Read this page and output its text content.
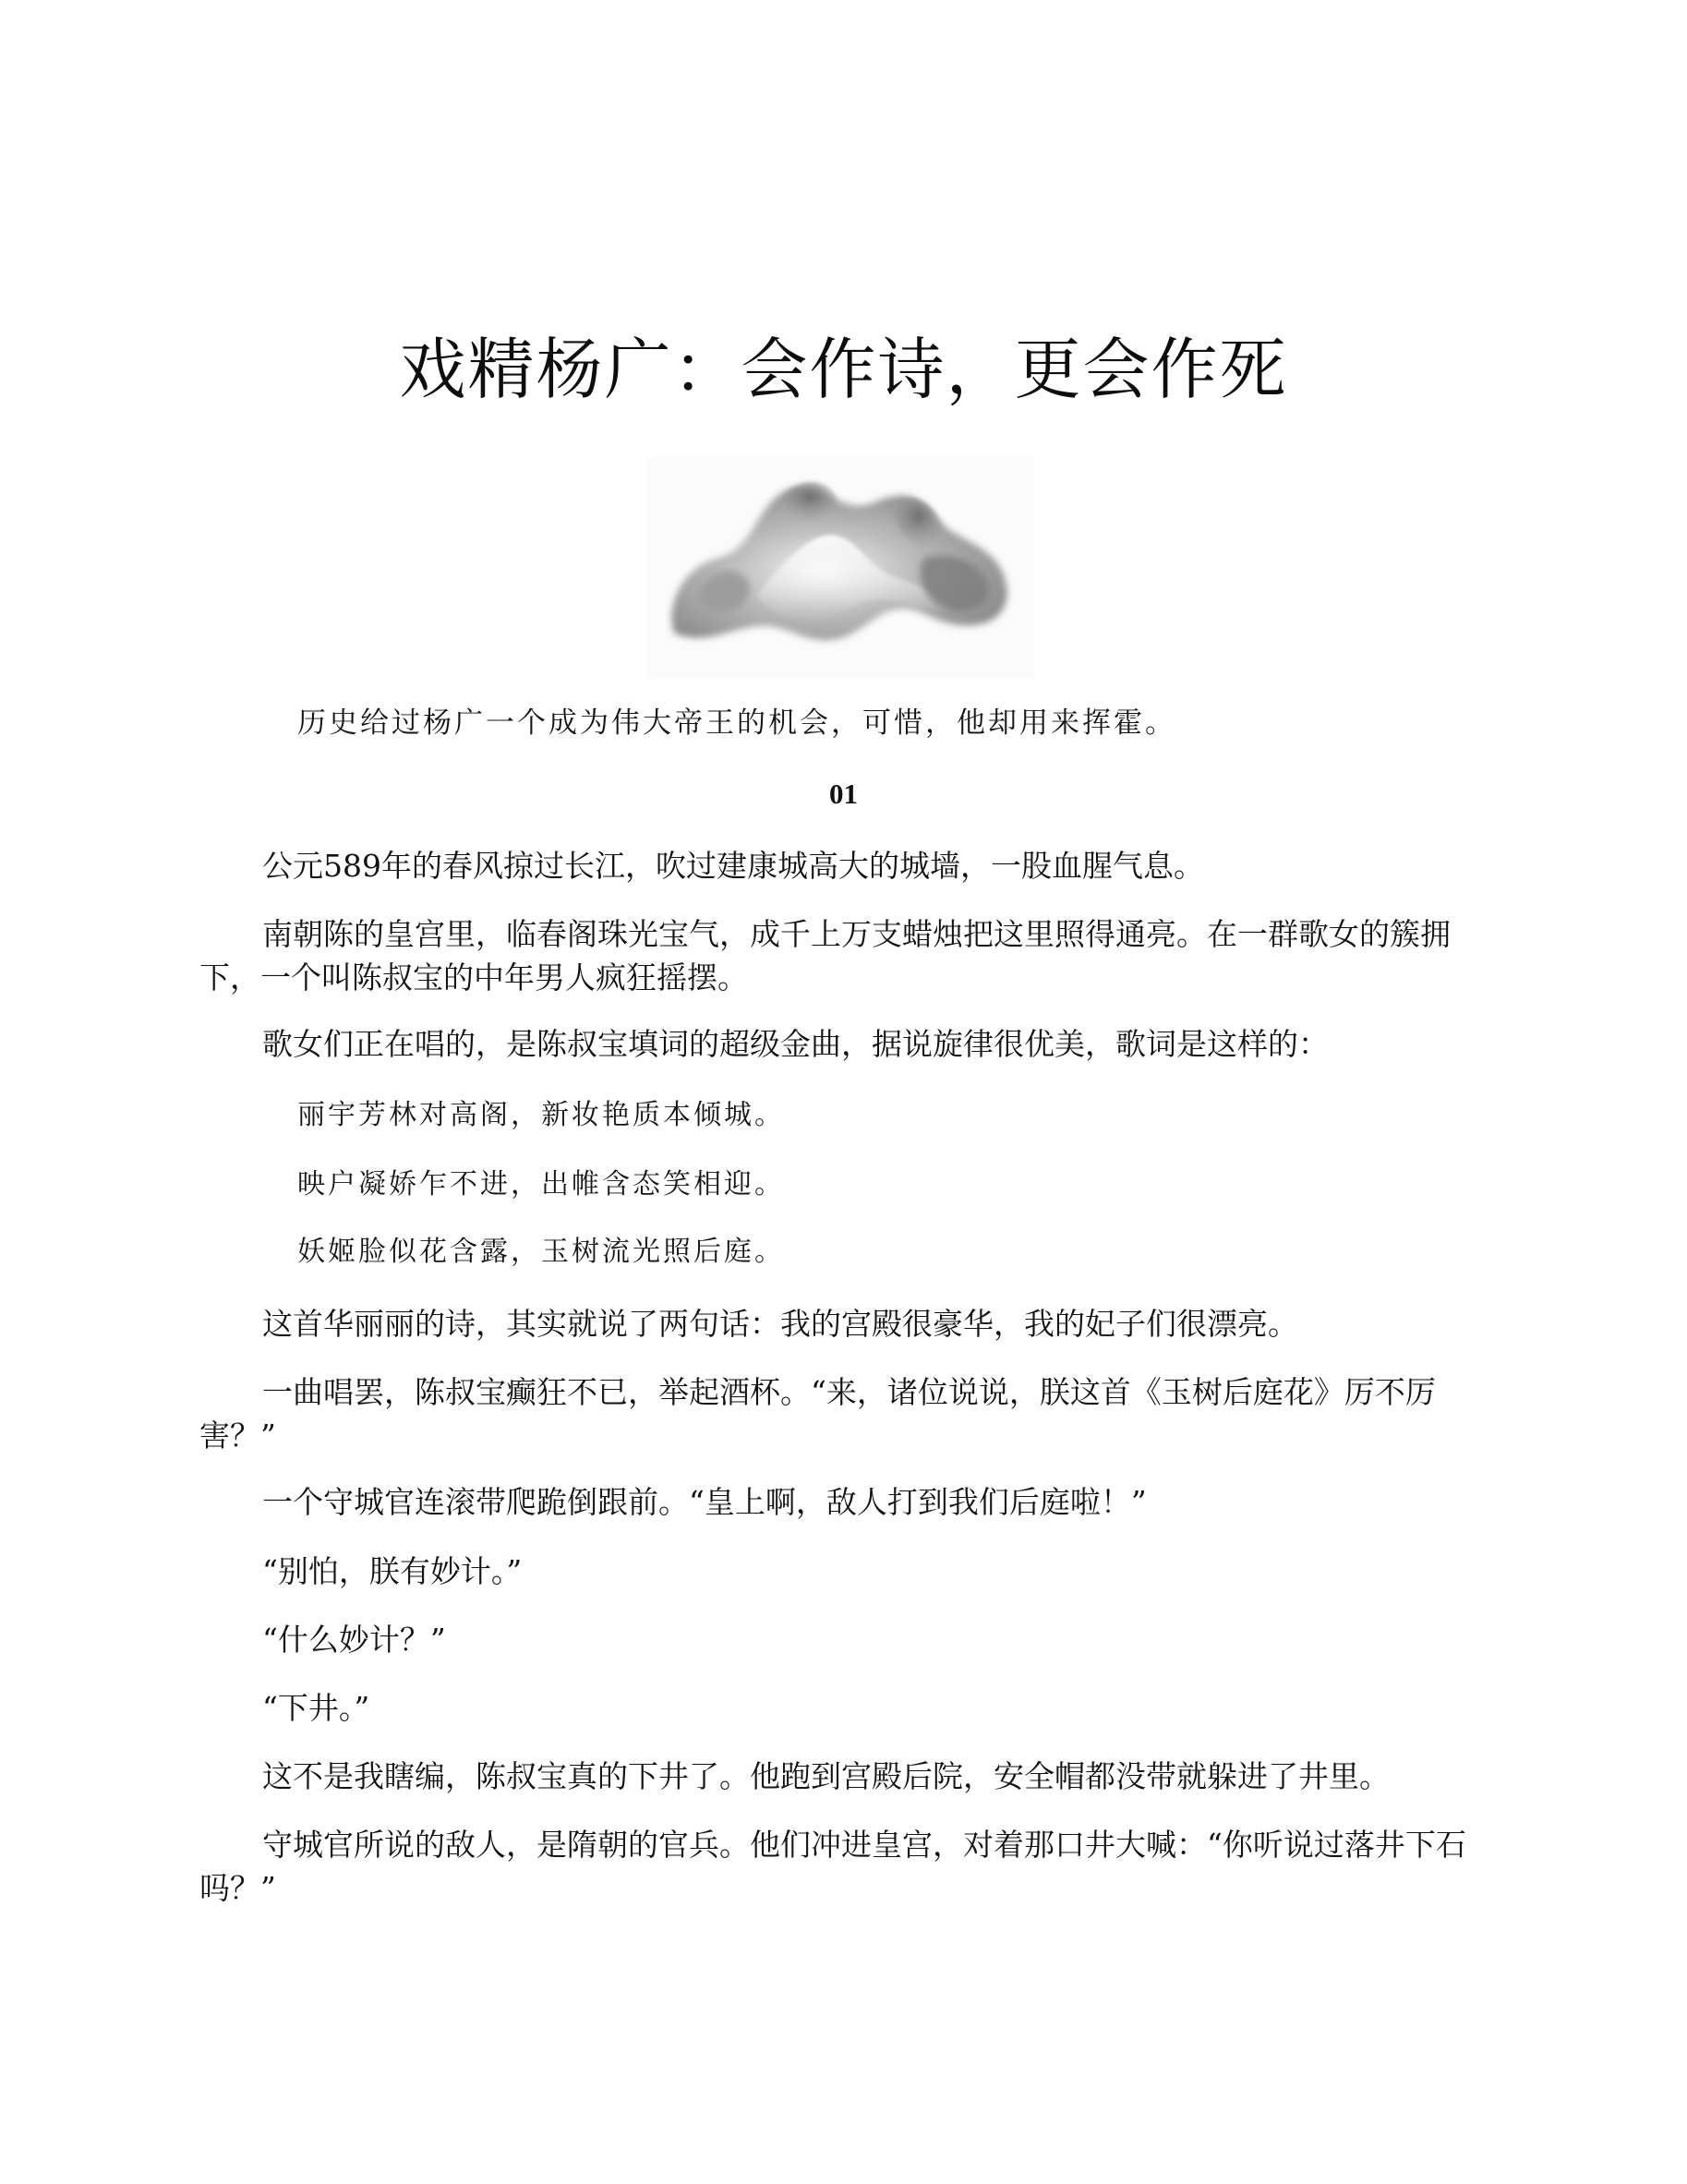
戏精杨广：会作诗，更会作死

历史给过杨广一个成为伟大帝王的机会，可惜，他却用来挥霍。

01

公元589年的春风掠过长江，吹过建康城高大的城墙，一股血腥气息。

南朝陈的皇宫里，临春阁珠光宝气，成千上万支蜡烛把这里照得通亮。在一群歌女的簇拥下，一个叫陈叔宝的中年男人疯狂摇摆。

歌女们正在唱的，是陈叔宝填词的超级金曲，据说旋律很优美，歌词是这样的：

丽宇芳林对高阁，新妆艳质本倾城。

映户凝娇乍不进，出帷含态笑相迎。

妖姬脸似花含露，玉树流光照后庭。

这首华丽丽的诗，其实就说了两句话：我的宫殿很豪华，我的妃子们很漂亮。

一曲唱罢，陈叔宝癫狂不已，举起酒杯。“来，诸位说说，朕这首《玉树后庭花》厉不厉害？”

一个守城官连滚带爬跪倒跟前。“皇上啊，敌人打到我们后庭啦！”

“别怕，朕有妙计。”

“什么妙计？”

“下井。”

这不是我瞎编，陈叔宝真的下井了。他跑到宫殿后院，安全帽都没带就躲进了井里。

守城官所说的敌人，是隋朝的官兵。他们冲进皇宫，对着那口井大喊：“你听说过落井下石吗？”
